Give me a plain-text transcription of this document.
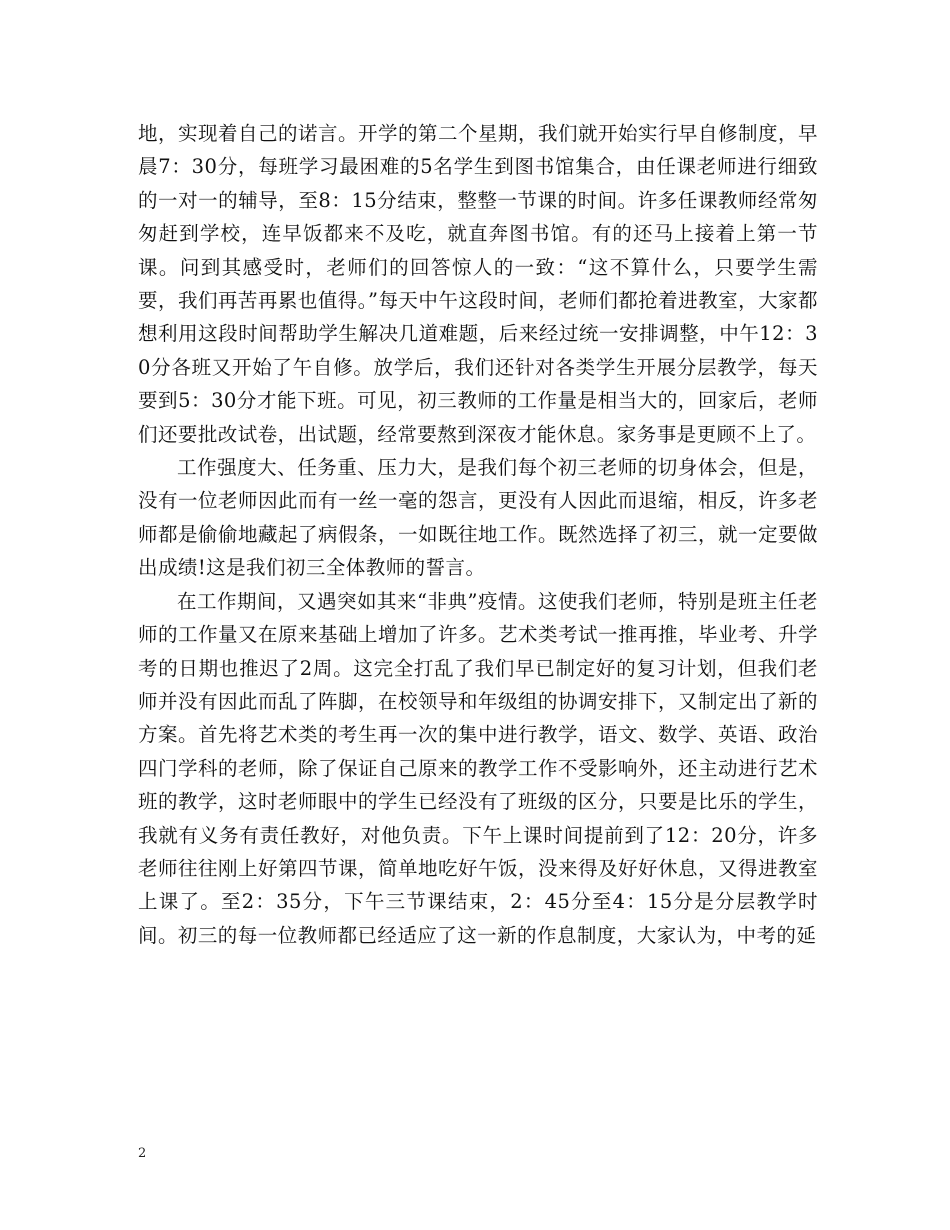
地，实现着自己的诺言。开学的第二个星期，我们就开始实行早自修制度，早晨7：30分，每班学习最困难的5名学生到图书馆集合，由任课老师进行细致的一对一的辅导，至8：15分结束，整整一节课的时间。许多任课教师经常匆匆赶到学校，连早饭都来不及吃，就直奔图书馆。有的还马上接着上第一节课。问到其感受时，老师们的回答惊人的一致：“这不算什么，只要学生需要，我们再苦再累也值得。”每天中午这段时间，老师们都抢着进教室，大家都想利用这段时间帮助学生解决几道难题，后来经过统一安排调整，中午12：30分各班又开始了午自修。放学后，我们还针对各类学生开展分层教学，每天要到5：30分才能下班。可见，初三教师的工作量是相当大的，回家后，老师们还要批改试卷，出试题，经常要熬到深夜才能休息。家务事是更顾不上了。

工作强度大、任务重、压力大，是我们每个初三老师的切身体会，但是，没有一位老师因此而有一丝一毫的怨言，更没有人因此而退缩，相反，许多老师都是偷偷地藏起了病假条，一如既往地工作。既然选择了初三，就一定要做出成绩!这是我们初三全体教师的誓言。

在工作期间，又遇突如其来“非典”疫情。这使我们老师，特别是班主任老师的工作量又在原来基础上增加了许多。艺术类考试一推再推，毕业考、升学考的日期也推迟了2周。这完全打乱了我们早已制定好的复习计划，但我们老师并没有因此而乱了阵脚，在校领导和年级组的协调安排下，又制定出了新的方案。首先将艺术类的考生再一次的集中进行教学，语文、数学、英语、政治四门学科的老师，除了保证自己原来的教学工作不受影响外，还主动进行艺术班的教学，这时老师眼中的学生已经没有了班级的区分，只要是比乐的学生，我就有义务有责任教好，对他负责。下午上课时间提前到了12：20分，许多老师往往刚上好第四节课，简单地吃好午饭，没来得及好好休息，又得进教室上课了。至2：35分，下午三节课结束，2：45分至4：15分是分层教学时间。初三的每一位教师都已经适应了这一新的作息制度，大家认为，中考的延

2
